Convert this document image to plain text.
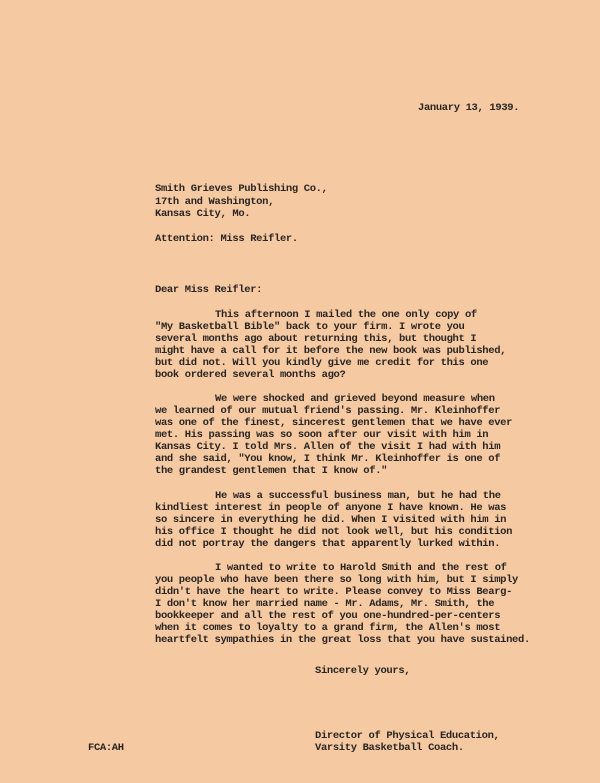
January 13, 1939.
Smith Grieves Publishing Co.,
17th and Washington,
Kansas City, Mo.
Attention: Miss Reifler.
Dear Miss Reifler:
This afternoon I mailed the one only copy of
"My Basketball Bible" back to your firm. I wrote you
several months ago about returning this, but thought I
might have a call for it before the new book was published,
but did not. Will you kindly give me credit for this one
book ordered several months ago?
We were shocked and grieved beyond measure when
we learned of our mutual friend's passing. Mr. Kleinhoffer
was one of the finest, sincerest gentlemen that we have ever
met. His passing was so soon after our visit with him in
Kansas City. I told Mrs. Allen of the visit I had with him
and she said, "You know, I think Mr. Kleinhoffer is one of
the grandest gentlemen that I know of."
He was a successful business man, but he had the
kindliest interest in people of anyone I have known. He was
so sincere in everything he did. When I visited with him in
his office I thought he did not look well, but his condition
did not portray the dangers that apparently lurked within.
I wanted to write to Harold Smith and the rest of
you people who have been there so long with him, but I simply
didn't have the heart to write. Please convey to Miss Bearg-
I don't know her married name - Mr. Adams, Mr. Smith, the
bookkeeper and all the rest of you one-hundred-per-centers
when it comes to loyalty to a grand firm, the Allen's most
heartfelt sympathies in the great loss that you have sustained.
Sincerely yours,
Director of Physical Education,
Varsity Basketball Coach.
FCA:AH
